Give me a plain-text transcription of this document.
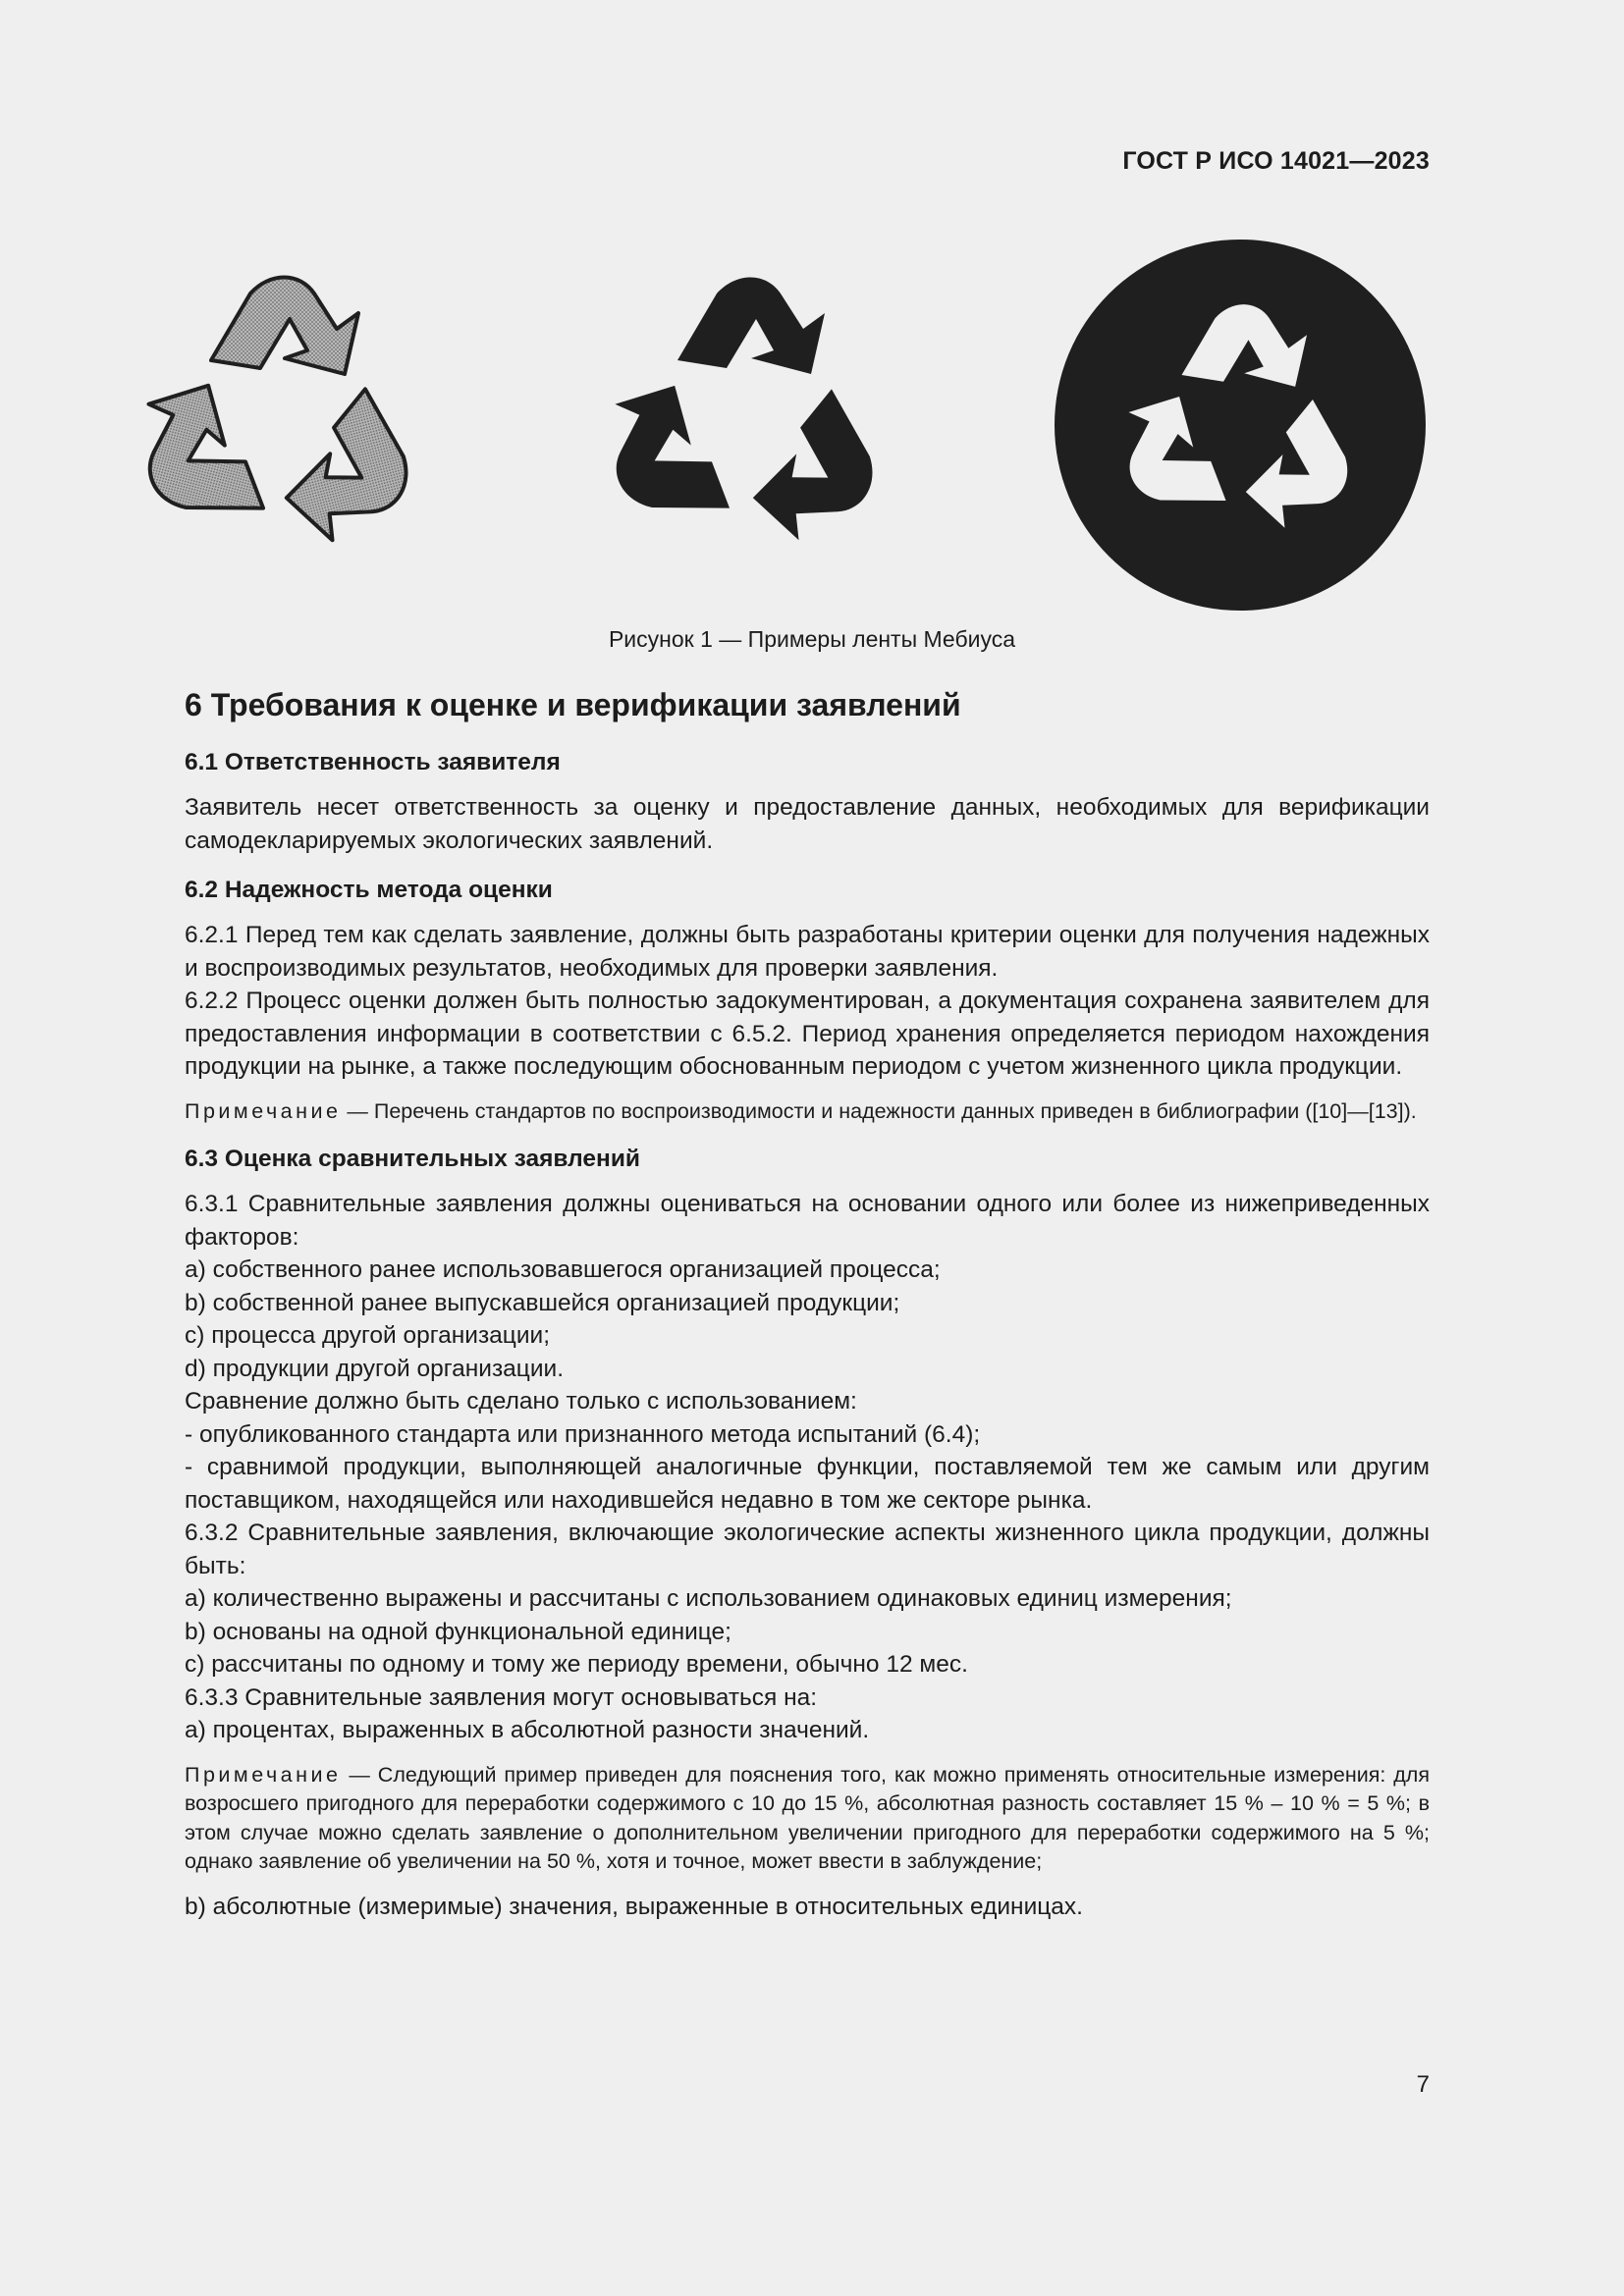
ГОСТ Р ИСО 14021—2023
Рисунок 1 — Примеры ленты Мебиуса
6 Требования к оценке и верификации заявлений
6.1 Ответственность заявителя

Заявитель несет ответственность за оценку и предоставление данных, необходимых для верификации самодекларируемых экологических заявлений.

6.2 Надежность метода оценки

6.2.1 Перед тем как сделать заявление, должны быть разработаны критерии оценки для получения надежных и воспроизводимых результатов, необходимых для проверки заявления.

6.2.2 Процесс оценки должен быть полностью задокументирован, а документация сохранена заявителем для предоставления информации в соответствии с 6.5.2. Период хранения определяется периодом нахождения продукции на рынке, а также последующим обоснованным периодом с учетом жизненного цикла продукции.

Примечание — Перечень стандартов по воспроизводимости и надежности данных приведен в библиографии ([10]—[13]).

6.3 Оценка сравнительных заявлений

6.3.1 Сравнительные заявления должны оцениваться на основании одного или более из нижеприведенных факторов:

a) собственного ранее использовавшегося организацией процесса;

b) собственной ранее выпускавшейся организацией продукции;

c) процесса другой организации;

d) продукции другой организации.

Сравнение должно быть сделано только с использованием:

- опубликованного стандарта или признанного метода испытаний (6.4);

- сравнимой продукции, выполняющей аналогичные функции, поставляемой тем же самым или другим поставщиком, находящейся или находившейся недавно в том же секторе рынка.

6.3.2 Сравнительные заявления, включающие экологические аспекты жизненного цикла продукции, должны быть:

a) количественно выражены и рассчитаны с использованием одинаковых единиц измерения;

b) основаны на одной функциональной единице;

c) рассчитаны по одному и тому же периоду времени, обычно 12 мес.

6.3.3 Сравнительные заявления могут основываться на:

a) процентах, выраженных в абсолютной разности значений.

Примечание — Следующий пример приведен для пояснения того, как можно применять относительные измерения: для возросшего пригодного для переработки содержимого с 10 до 15 %, абсолютная разность составляет 15 % – 10 % = 5 %; в этом случае можно сделать заявление о дополнительном увеличении пригодного для переработки содержимого на 5 %; однако заявление об увеличении на 50 %, хотя и точное, может ввести в заблуждение;

b) абсолютные (измеримые) значения, выраженные в относительных единицах.

7
